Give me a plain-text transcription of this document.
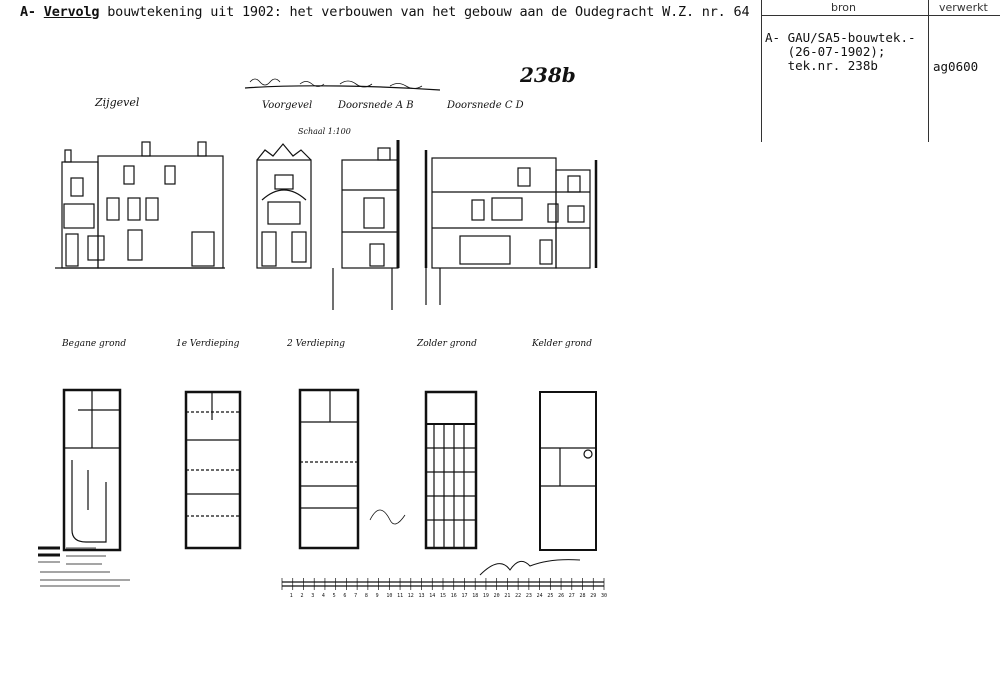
A- Vervolg bouwtekening uit 1902: het verbouwen van het gebouw aan de Oudegracht W.Z. nr. 64	bron	verwerkt
A- GAU/SA5-bouwtek.-
(26-07-1902);
tek.nr. 238b	ag0600
238b
Zijgevel	Voorgevel	Doorsnede A B	Doorsnede C D
Schaal 1:100
Begane grond	1e Verdieping	2 Verdieping	Zolder grond	Kelder grond
1 2 3 4 5 6 7 8 9 10 11 12 13 14 15 16 17 18 19 20 21 22 23 24 25 26 27 28 29 30
